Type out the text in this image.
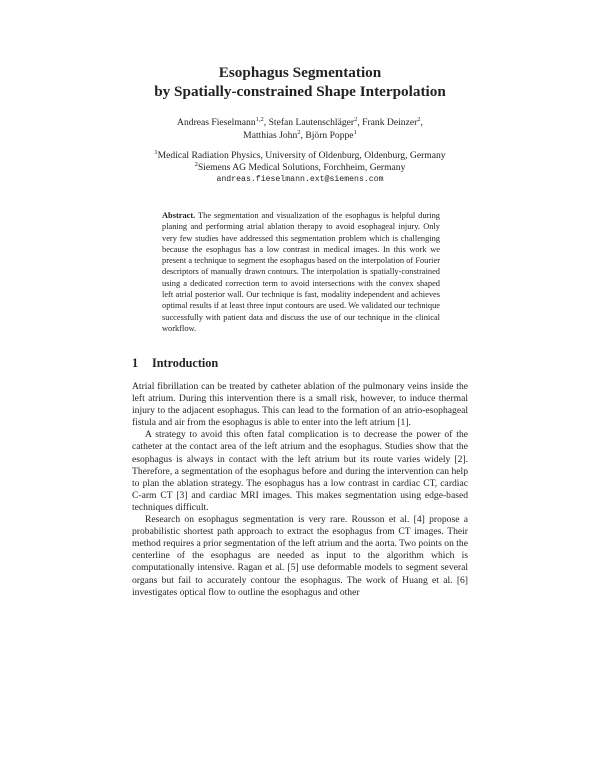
Esophagus Segmentation
by Spatially-constrained Shape Interpolation
Andreas Fieselmann$^{1,2}$, Stefan Lautenschläger$^2$, Frank Deinzer$^2$,
Matthias John$^2$, Björn Poppe$^1$
$^1$Medical Radiation Physics, University of Oldenburg, Oldenburg, Germany
$^2$Siemens AG Medical Solutions, Forchheim, Germany
andreas.fieselmann.ext@siemens.com
Abstract. The segmentation and visualization of the esophagus is helpful during planing and performing atrial ablation therapy to avoid esophageal injury. Only very few studies have addressed this segmentation problem which is challenging because the esophagus has a low contrast in medical images. In this work we present a technique to segment the esophagus based on the interpolation of Fourier descriptors of manually drawn contours. The interpolation is spatially-constrained using a dedicated correction term to avoid intersections with the convex shaped left atrial posterior wall. Our technique is fast, modality independent and achieves optimal results if at least three input contours are used. We validated our technique successfully with patient data and discuss the use of our technique in the clinical workflow.
1 Introduction

Atrial fibrillation can be treated by catheter ablation of the pulmonary veins inside the left atrium. During this intervention there is a small risk, however, to induce thermal injury to the adjacent esophagus. This can lead to the formation of an atrio-esophageal fistula and air from the esophagus is able to enter into the left atrium [1].

A strategy to avoid this often fatal complication is to decrease the power of the catheter at the contact area of the left atrium and the esophagus. Studies show that the esophagus is always in contact with the left atrium but its route varies widely [2]. Therefore, a segmentation of the esophagus before and during the intervention can help to plan the ablation strategy. The esophagus has a low contrast in cardiac CT, cardiac C-arm CT [3] and cardiac MRI images. This makes segmentation using edge-based techniques difficult.

Research on esophagus segmentation is very rare. Rousson et al. [4] propose a probabilistic shortest path approach to extract the esophagus from CT images. Their method requires a prior segmentation of the left atrium and the aorta. Two points on the centerline of the esophagus are needed as input to the algorithm which is computationally intensive. Ragan et al. [5] use deformable models to segment several organs but fail to accurately contour the esophagus. The work of Huang et al. [6] investigates optical flow to outline the esophagus and other
